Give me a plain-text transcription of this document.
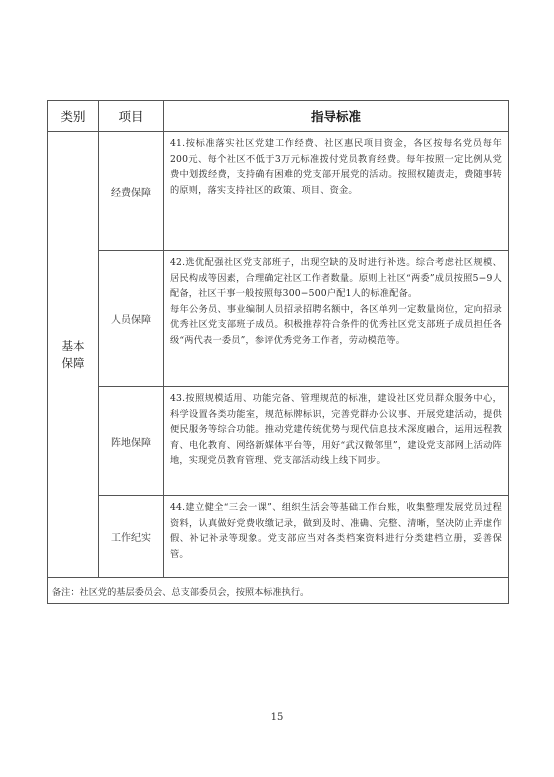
类别	项目	指导标准

基本
保障	经费保障	41.按标准落实社区党建工作经费、社区惠民项目资金，各区按每名党员每年200元、每个社区不低于3万元标准拨付党员教育经费。每年按照一定比例从党费中划拨经费，支持确有困难的党支部开展党的活动。按照权随责走，费随事转的原则，落实支持社区的政策、项目、资金。

	人员保障	42.选优配强社区党支部班子，出现空缺的及时进行补选。综合考虑社区规模、居民构成等因素，合理确定社区工作者数量。原则上社区“两委”成员按照5−9人配备，社区干事一般按照每300−500户配1人的标准配备。

每年公务员、事业编制人员招录招聘名额中，各区单列一定数量岗位，定向招录优秀社区党支部班子成员。积极推荐符合条件的优秀社区党支部班子成员担任各级“两代表一委员”，参评优秀党务工作者，劳动模范等。

	阵地保障	43.按照规模适用、功能完备、管理规范的标准，建设社区党员群众服务中心，科学设置各类功能室，规范标牌标识，完善党群办公议事、开展党建活动，提供便民服务等综合功能。推动党建传统优势与现代信息技术深度融合，运用远程教育、电化教育、网络新媒体平台等，用好“武汉微邻里”，建设党支部网上活动阵地，实现党员教育管理、党支部活动线上线下同步。

	工作纪实	44.建立健全“三会一课”、组织生活会等基础工作台账，收集整理发展党员过程资料，认真做好党费收缴记录，做到及时、准确、完整、清晰，坚决防止弄虚作假、补记补录等现象。党支部应当对各类档案资料进行分类建档立册，妥善保管。

备注：社区党的基层委员会、总支部委员会，按照本标准执行。		
15
